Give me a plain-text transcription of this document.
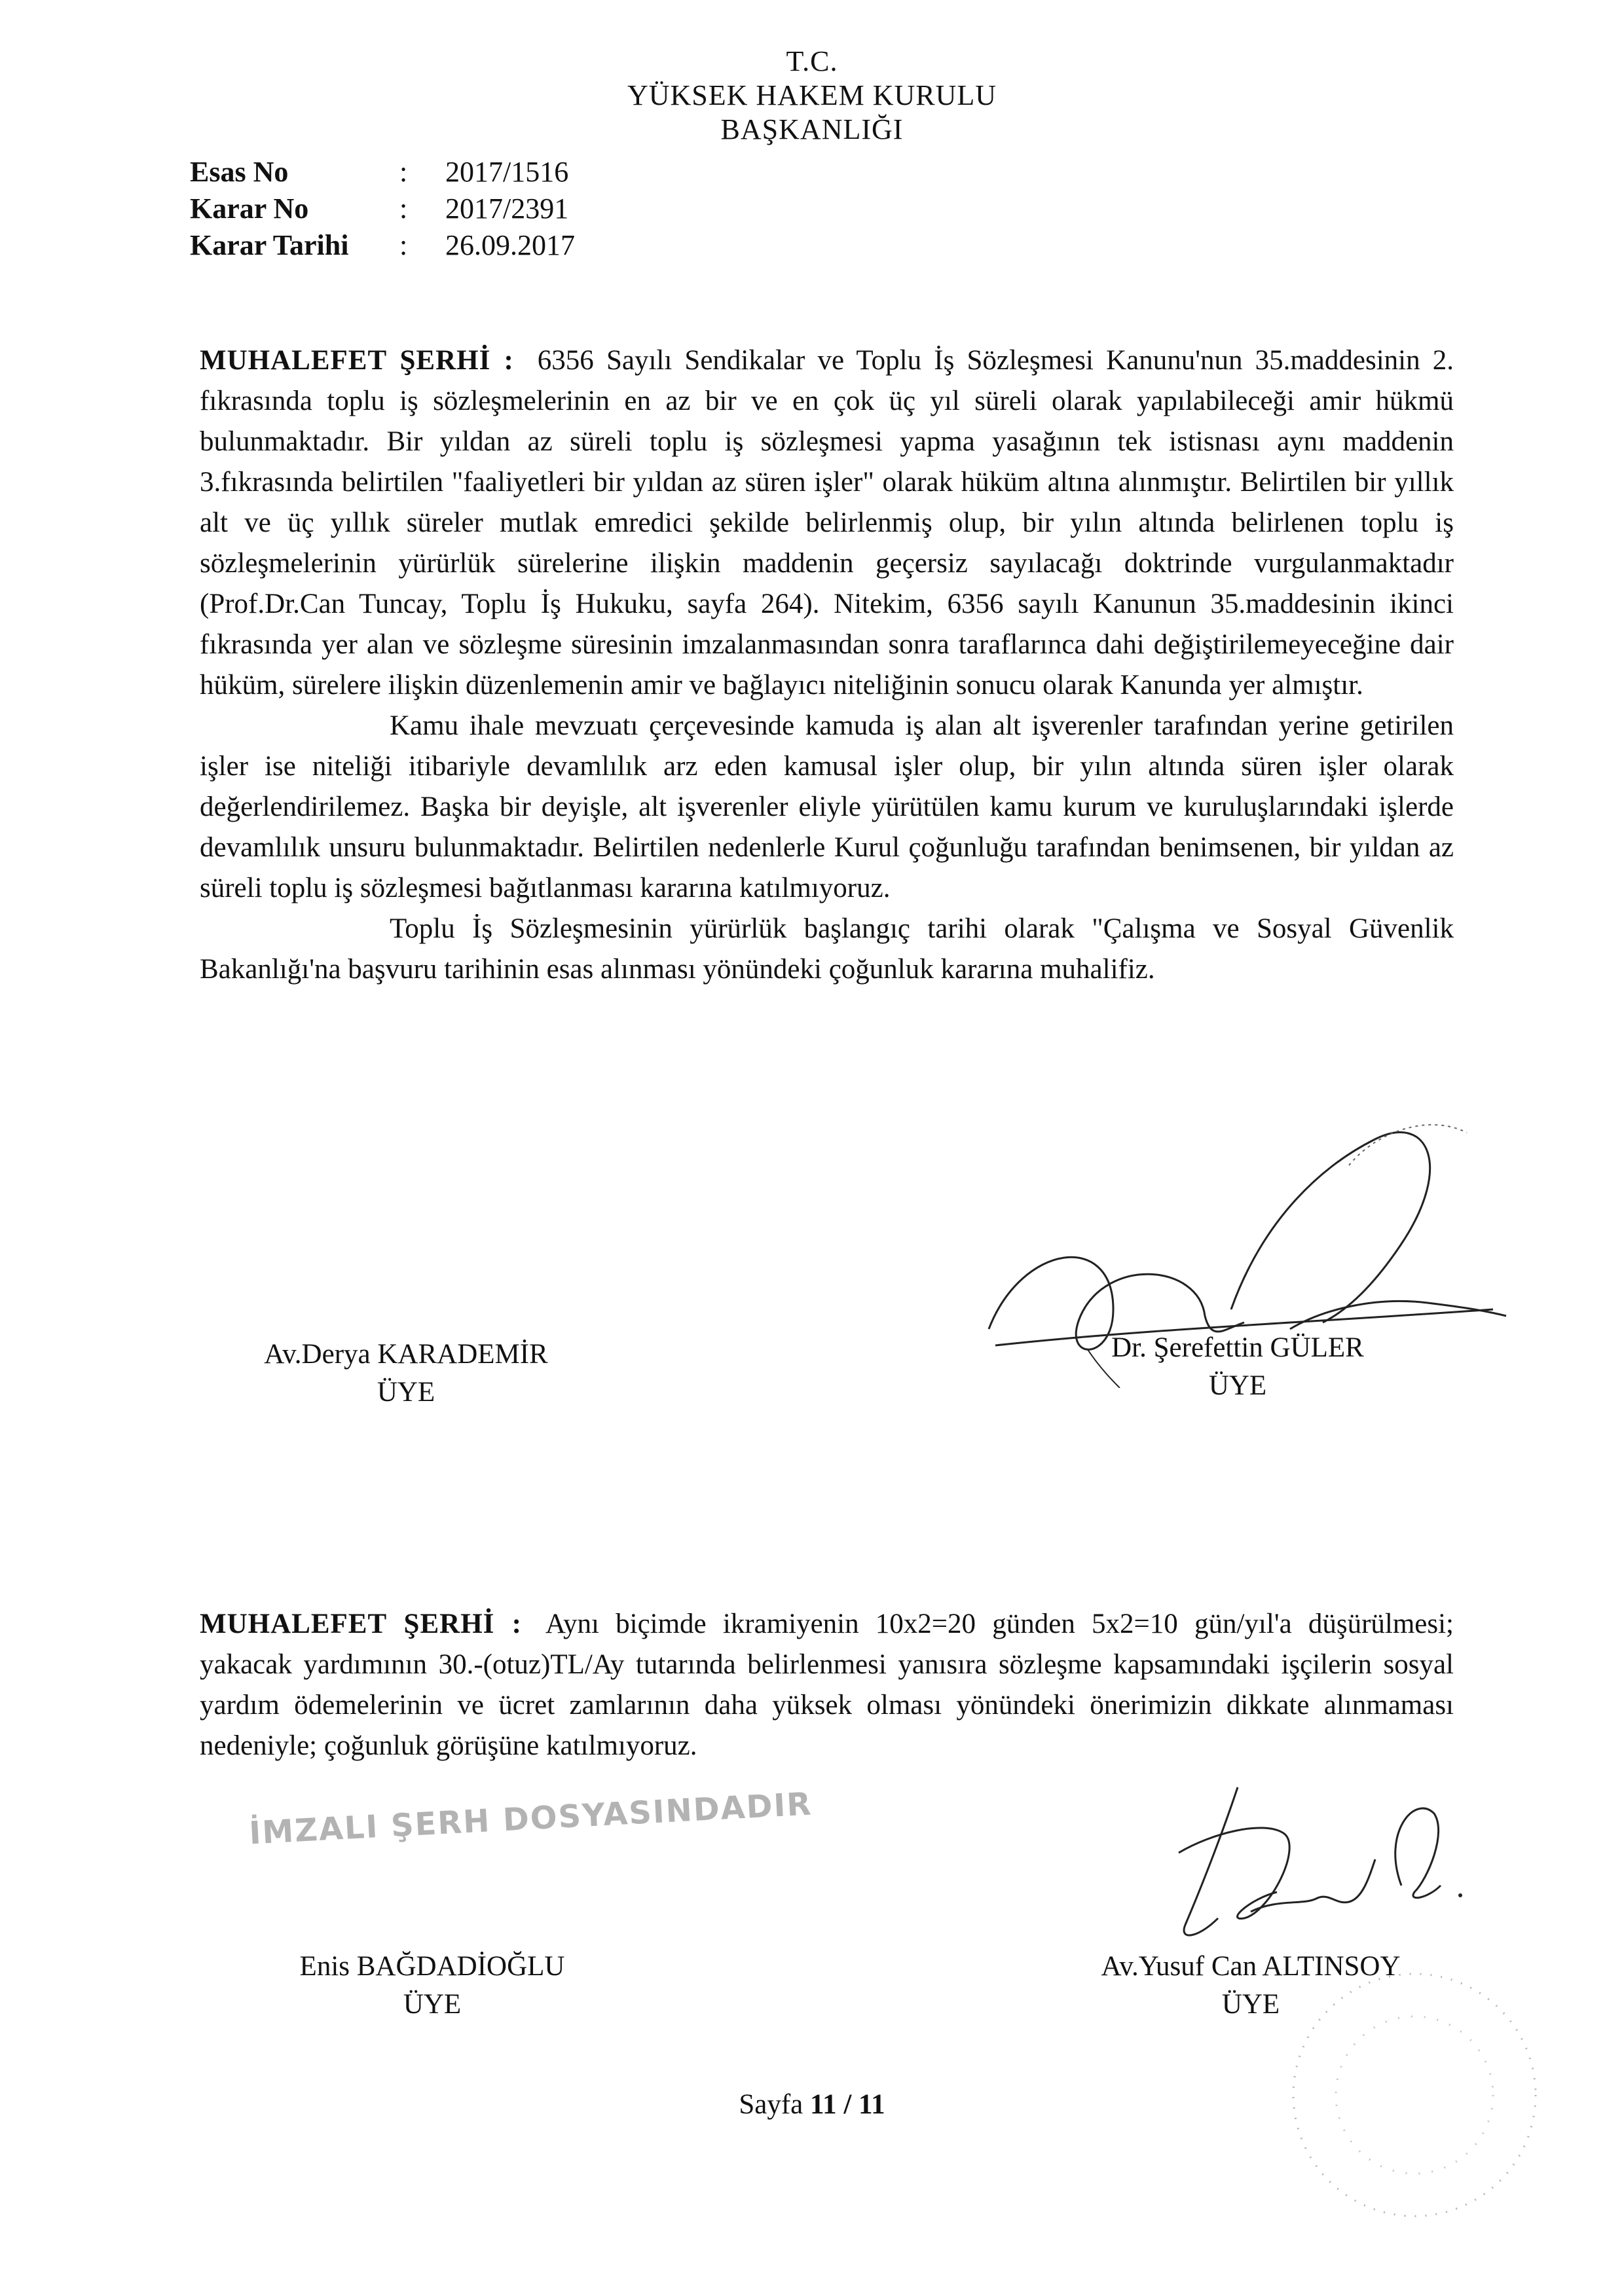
T.C.
YÜKSEK HAKEM KURULU
BAŞKANLIĞI
Esas No	: 2017/1516
Karar No	: 2017/2391
Karar Tarihi : 26.09.2017

MUHALEFET ŞERHİ : 6356 Sayılı Sendikalar ve Toplu İş Sözleşmesi Kanunu'nun 35.maddesinin 2. fıkrasında toplu iş sözleşmelerinin en az bir ve en çok üç yıl süreli olarak yapılabileceği amir hükmü bulunmaktadır. Bir yıldan az süreli toplu iş sözleşmesi yapma yasağının tek istisnası aynı maddenin 3.fıkrasında belirtilen "faaliyetleri bir yıldan az süren işler" olarak hüküm altına alınmıştır. Belirtilen bir yıllık alt ve üç yıllık süreler mutlak emredici şekilde belirlenmiş olup, bir yılın altında belirlenen toplu iş sözleşmelerinin yürürlük sürelerine ilişkin maddenin geçersiz sayılacağı doktrinde vurgulanmaktadır (Prof.Dr.Can Tuncay, Toplu İş Hukuku, sayfa 264). Nitekim, 6356 sayılı Kanunun 35.maddesinin ikinci fıkrasında yer alan ve sözleşme süresinin imzalanmasından sonra taraflarınca dahi değiştirilemeyeceğine dair hüküm, sürelere ilişkin düzenlemenin amir ve bağlayıcı niteliğinin sonucu olarak Kanunda yer almıştır.

Kamu ihale mevzuatı çerçevesinde kamuda iş alan alt işverenler tarafından yerine getirilen işler ise niteliği itibariyle devamlılık arz eden kamusal işler olup, bir yılın altında süren işler olarak değerlendirilemez. Başka bir deyişle, alt işverenler eliyle yürütülen kamu kurum ve kuruluşlarındaki işlerde devamlılık unsuru bulunmaktadır. Belirtilen nedenlerle Kurul çoğunluğu tarafından benimsenen, bir yıldan az süreli toplu iş sözleşmesi bağıtlanması kararına katılmıyoruz.

Toplu İş Sözleşmesinin yürürlük başlangıç tarihi olarak "Çalışma ve Sosyal Güvenlik Bakanlığı'na başvuru tarihinin esas alınması yönündeki çoğunluk kararına muhalifiz.

Av.Derya KARADEMİR
ÜYE
Dr. Şerefettin GÜLER
ÜYE

MUHALEFET ŞERHİ : Aynı biçimde ikramiyenin 10x2=20 günden 5x2=10 gün/yıl'a düşürülmesi; yakacak yardımının 30.-(otuz)TL/Ay tutarında belirlenmesi yanısıra sözleşme kapsamındaki işçilerin sosyal yardım ödemelerinin ve ücret zamlarının daha yüksek olması yönündeki önerimizin dikkate alınmaması nedeniyle; çoğunluk görüşüne katılmıyoruz.

İMZALI ŞERH DOSYASINDADIR
Enis BAĞDADİOĞLU
ÜYE
Av.Yusuf Can ALTINSOY
ÜYE
Sayfa 11 / 11
